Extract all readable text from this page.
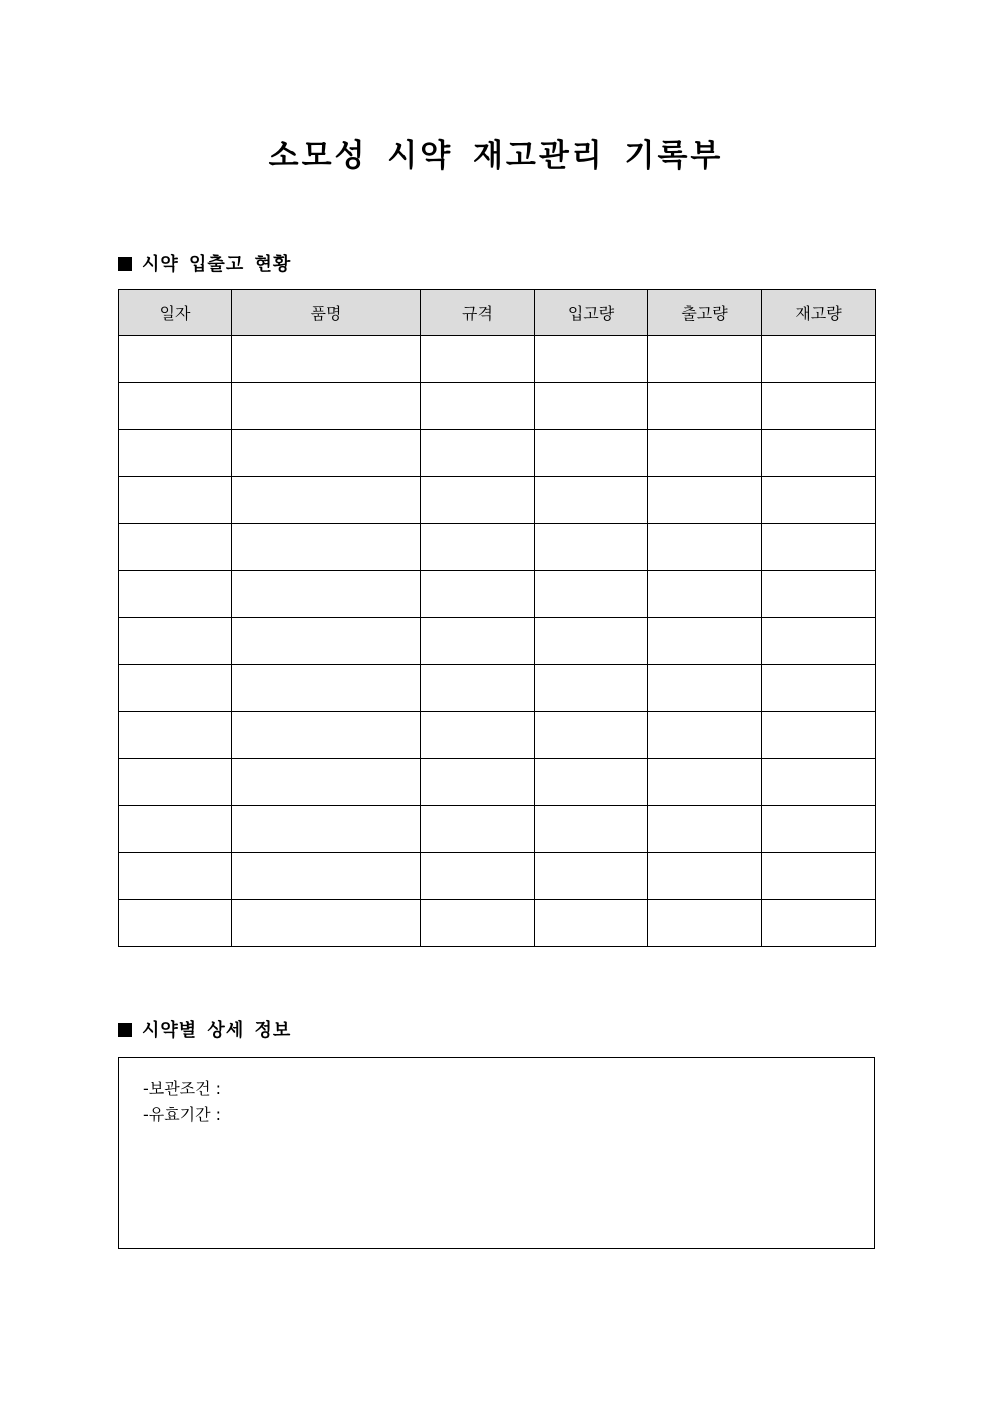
소모성 시약 재고관리 기록부
시약 입출고 현황
일자	품명	규격	입고량	출고량	재고량

시약별 상세 정보
-보관조건 :
-유효기간 :
